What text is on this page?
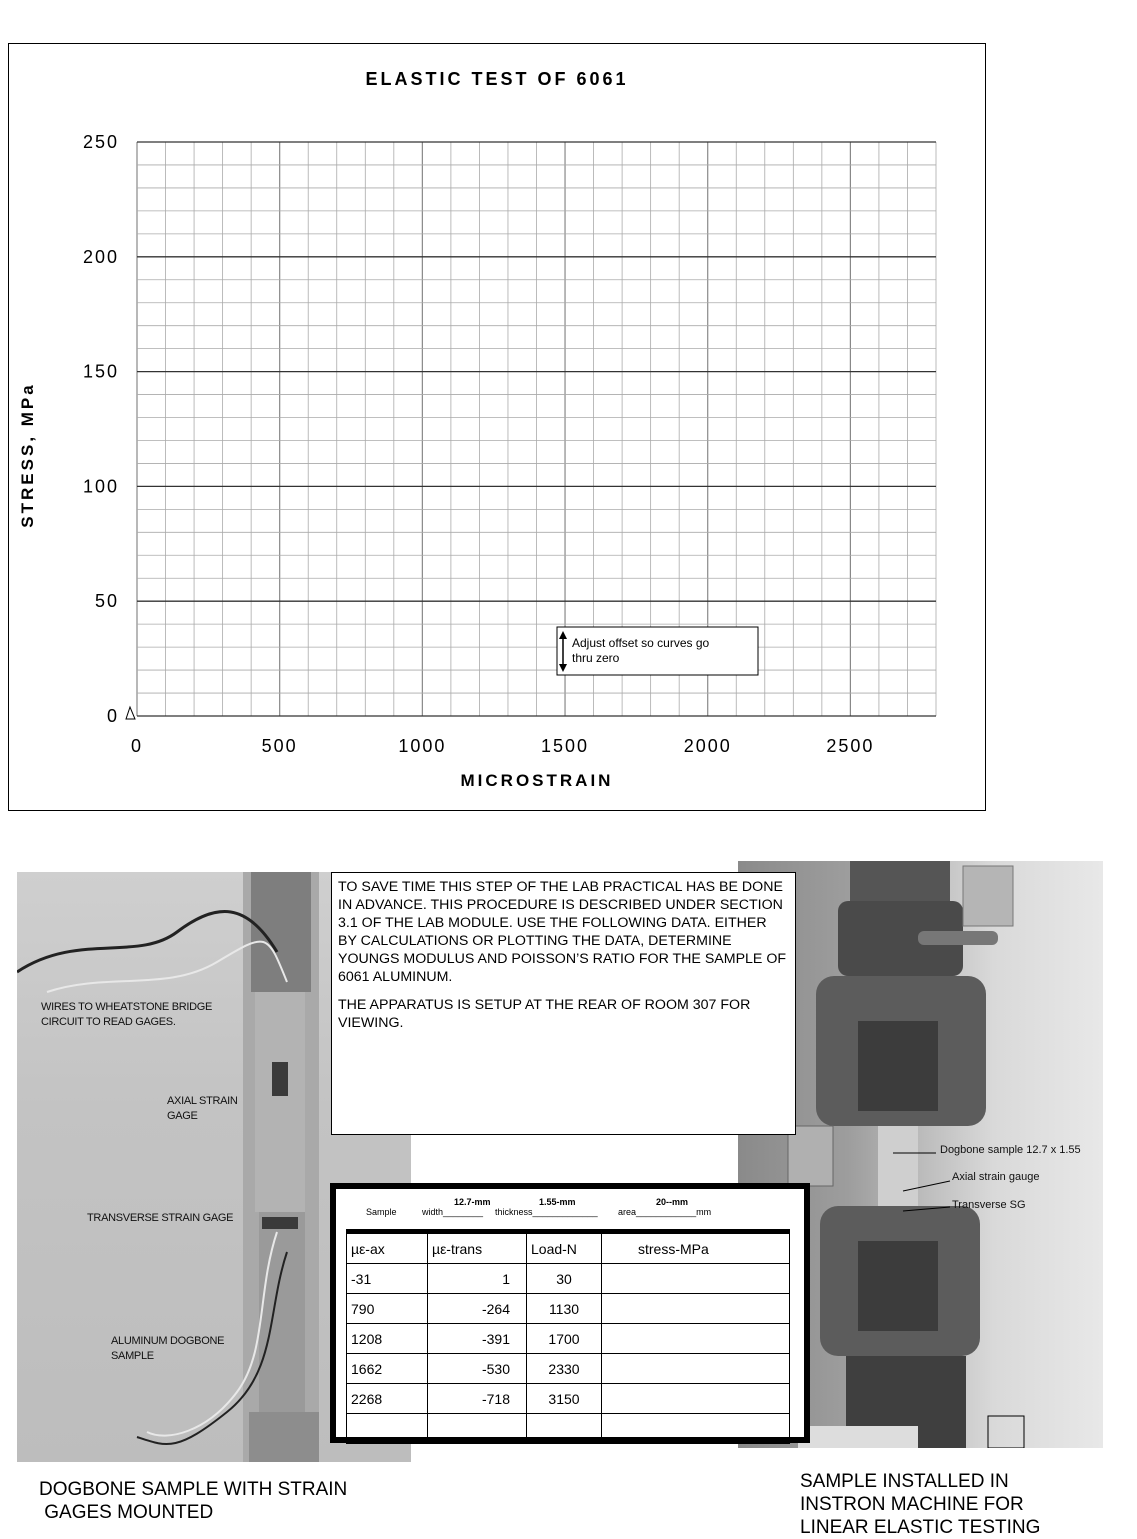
ELASTIC TEST OF 6061
MICROSTRAIN
STRESS, MPa
0	500	1000	1500	2000	2500
0
50
100
150
200
250
Adjust offset so curves go
thru zero
WIRES TO WHEATSTONE BRIDGE CIRCUIT TO READ GAGES.
AXIAL STRAIN GAGE
TRANSVERSE STRAIN GAGE
ALUMINUM DOGBONE SAMPLE
Dogbone sample 12.7 x 1.55
Axial strain gauge
Transverse SG

TO SAVE TIME THIS STEP OF THE LAB PRACTICAL HAS BE DONE IN ADVANCE. THIS PROCEDURE IS DESCRIBED UNDER SECTION 3.1 OF THE LAB MODULE. USE THE FOLLOWING DATA. EITHER BY CALCULATIONS OR PLOTTING THE DATA, DETERMINE YOUNGS MODULUS AND POISSON’S RATIO FOR THE SAMPLE OF 6061 ALUMINUM.

THE APPARATUS IS SETUP AT THE REAR OF ROOM 307 FOR VIEWING.

Sample	width________
12.7-mm
thickness_____________
1.55-mm
area____________mm
20--mm
µε-ax	µε-trans	Load-N	stress-MPa
-31	1	30	
790	-264	1130	
1208	-391	1700	
1662	-530	2330	
2268	-718	3150	

DOGBONE SAMPLE WITH STRAIN
GAGES MOUNTED
SAMPLE INSTALLED IN
INSTRON MACHINE FOR
LINEAR ELASTIC TESTING
